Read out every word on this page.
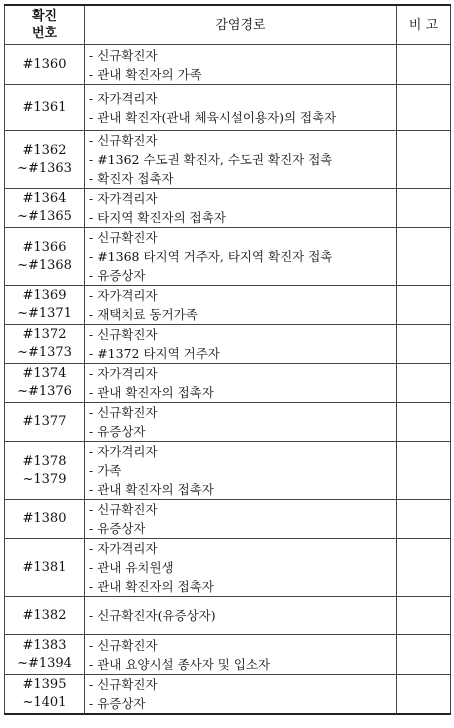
확진
번호	감염경로	비 고

#1360	- 신규확진자
- 관내 확진자의 가족	

#1361	- 자가격리자
- 관내 확진자(관내 체육시설이용자)의 접촉자	

#1362
~#1363	- 신규확진자
- #1362 수도권 확진자, 수도권 확진자 접촉
- 확진자 접촉자	

#1364
~#1365	- 자가격리자
- 타지역 확진자의 접촉자	

#1366
~#1368	- 신규확진자
- #1368 타지역 거주자, 타지역 확진자 접촉
- 유증상자	

#1369
~#1371	- 자가격리자
- 재택치료 동거가족	

#1372
~#1373	- 신규확진자
- #1372 타지역 거주자	

#1374
~#1376	- 자가격리자
- 관내 확진자의 접촉자	

#1377	- 신규확진자
- 유증상자	

#1378
~1379	- 자가격리자
- 가족
- 관내 확진자의 접촉자	

#1380	- 신규확진자
- 유증상자	

#1381	- 자가격리자
- 관내 유치원생
- 관내 확진자의 접촉자	

#1382	- 신규확진자(유증상자)	

#1383
~#1394	- 신규확진자
- 관내 요양시설 종사자 및 입소자	

#1395
~1401	- 신규확진자
- 유증상자	
